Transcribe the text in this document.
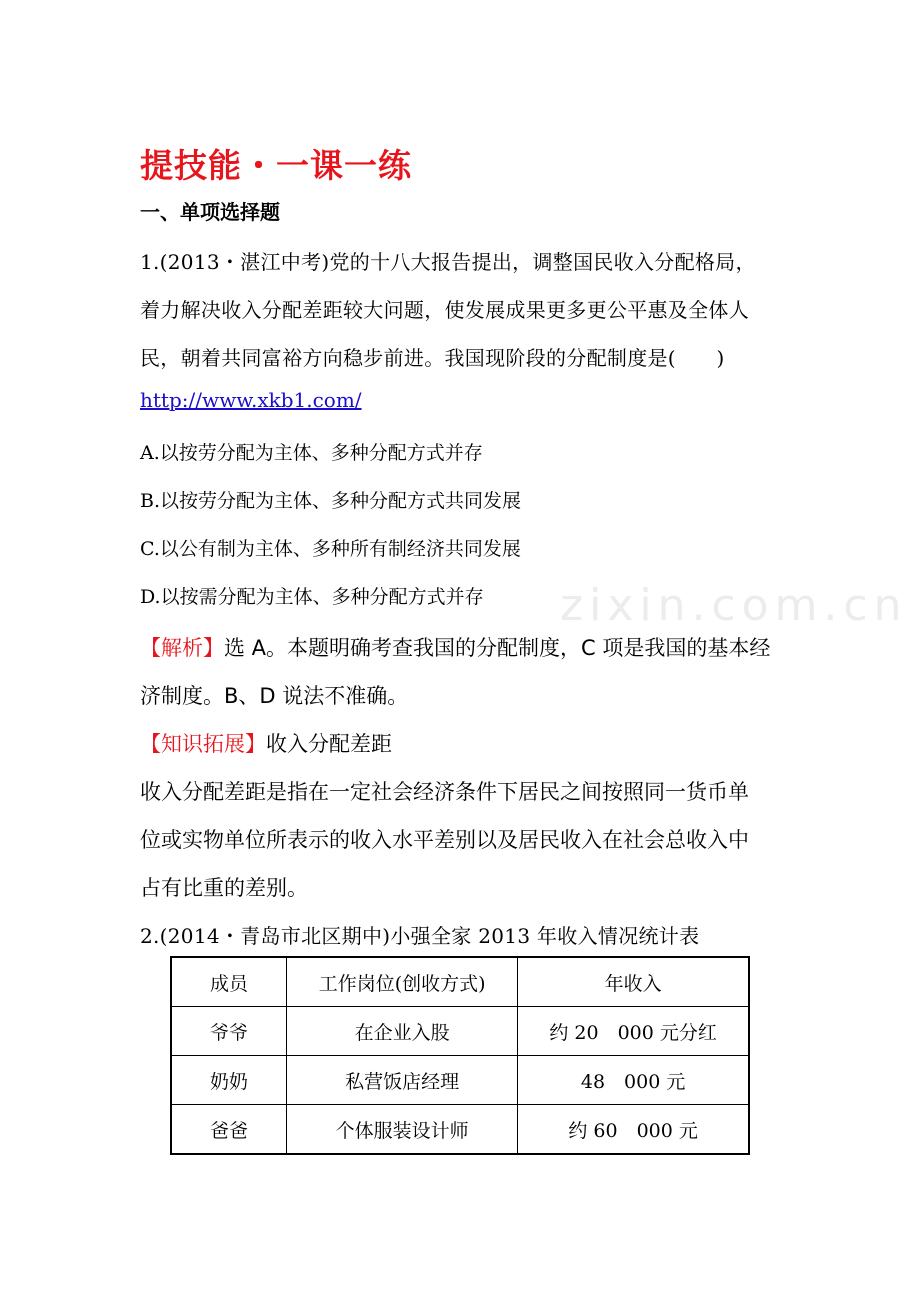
提技能・一课一练
一、单项选择题
1.(2013・湛江中考)党的十八大报告提出，调整国民收入分配格局，
着力解决收入分配差距较大问题，使发展成果更多更公平惠及全体人
民，朝着共同富裕方向稳步前进。我国现阶段的分配制度是(　　)
http://www.xkb1.com/
A.以按劳分配为主体、多种分配方式并存
B.以按劳分配为主体、多种分配方式共同发展
C.以公有制为主体、多种所有制经济共同发展
D.以按需分配为主体、多种分配方式并存 zixin.com.cn
【解析】选 A。本题明确考查我国的分配制度，C 项是我国的基本经
济制度。B、D 说法不准确。
【知识拓展】收入分配差距
收入分配差距是指在一定社会经济条件下居民之间按照同一货币单
位或实物单位所表示的收入水平差别以及居民收入在社会总收入中
占有比重的差别。
2.(2014・青岛市北区期中)小强全家 2013 年收入情况统计表
成员	工作岗位(创收方式)	年收入
爷爷	在企业入股	约 20　000 元分红
奶奶	私营饭店经理	48　000 元
爸爸	个体服装设计师	约 60　000 元
